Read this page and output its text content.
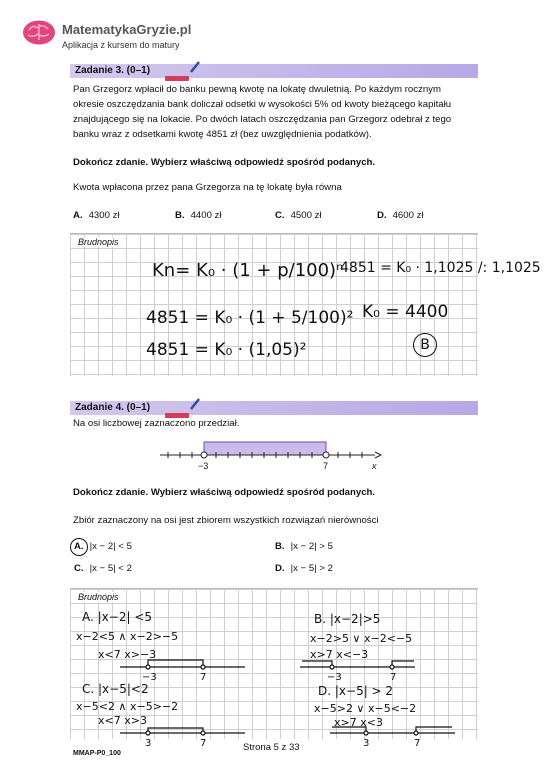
MatematykaGryzie.pl
Aplikacja z kursem do matury
Zadanie 3. (0–1)
Pan Grzegorz wpłacił do banku pewną kwotę na lokatę dwuletnią. Po każdym rocznym
okresie oszczędzania bank doliczał odsetki w wysokości 5% od kwoty bieżącego kapitału
znajdującego się na lokacie. Po dwóch latach oszczędzania pan Grzegorz odebrał z tego
banku wraz z odsetkami kwotę 4851 zł (bez uwzględnienia podatków).
Dokończ zdanie. Wybierz właściwą odpowiedź spośród podanych.
Kwota wpłacona przez pana Grzegorza na tę lokatę była równa
A. 4300 zł	B. 4400 zł	C. 4500 zł	D. 4600 zł
Brudnopis
Kn= K₀ · (1 + p/100)ⁿ
4851 = K₀ · (1 + 5/100)²
4851 = K₀ · (1,05)²
4851 = K₀ · 1,1025 /: 1,1025
K₀ = 4400
B
Zadanie 4. (0–1)
Na osi liczbowej zaznaczono przedział.
−3	7	x
Dokończ zdanie. Wybierz właściwą odpowiedź spośród podanych.
Zbiór zaznaczony na osi jest zbiorem wszystkich rozwiązań nierówności
A. |x − 2| < 5	B. |x − 2| > 5
C. |x − 5| < 2	D. |x − 5| > 2
Brudnopis
A. |x−2| <5
x−2<5 ∧ x−2>−5
x<7 x>−3
B. |x−2|>5
x−2>5 ∨ x−2<−5
x>7 x<−3
C. |x−5|<2
x−5<2 ∧ x−5>−2
x<7 x>3
D. |x−5| > 2
x−5>2 ∨ x−5<−2
x>7 x<3
−3	7	−3	7
3	7	3	7
MMAP-P0_100
Strona 5 z 33
